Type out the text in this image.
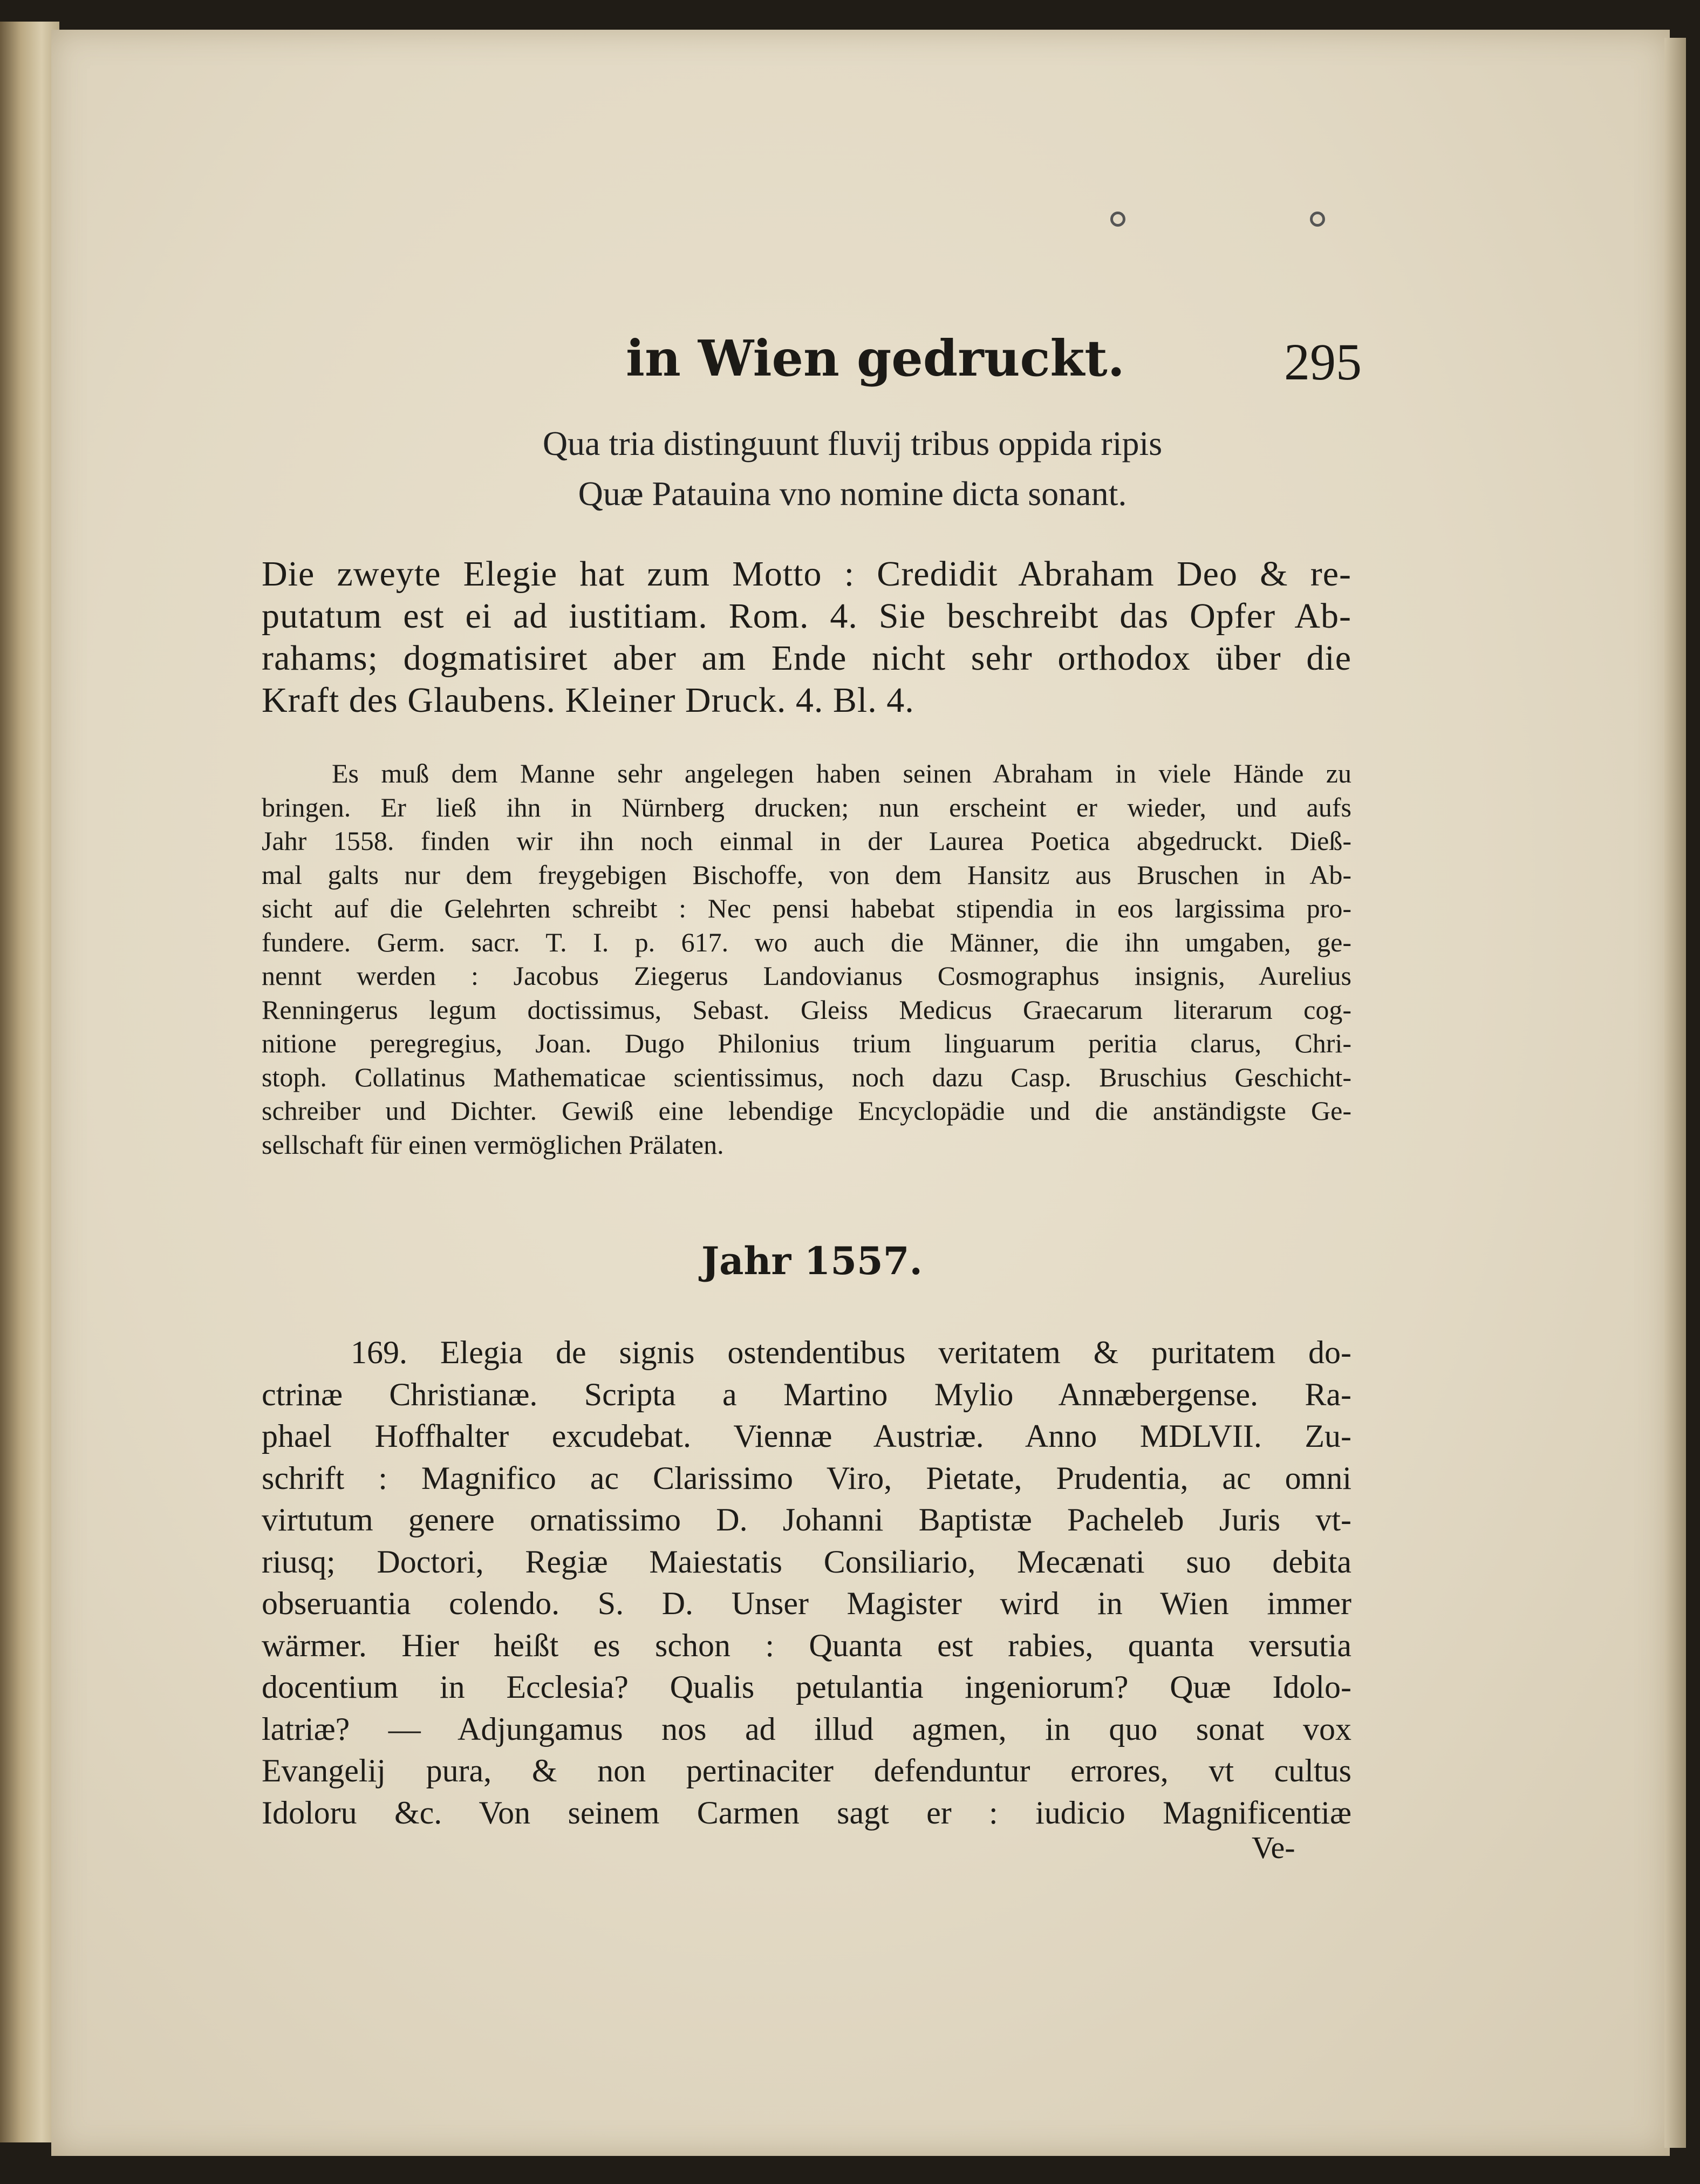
in Wien gedruckt.	295
Qua tria distinguunt fluvij tribus oppida ripis
Quæ Patauina vno nomine dicta sonant.
Die zweyte Elegie hat zum Motto : Credidit Abraham Deo & re-
putatum est ei ad iustitiam. Rom. 4. Sie beschreibt das Opfer Ab-
rahams; dogmatisiret aber am Ende nicht sehr orthodox über die
Kraft des Glaubens. Kleiner Druck. 4. Bl. 4.
Es muß dem Manne sehr angelegen haben seinen Abraham in viele Hände zu
bringen. Er ließ ihn in Nürnberg drucken; nun erscheint er wieder, und aufs
Jahr 1558. finden wir ihn noch einmal in der Laurea Poetica abgedruckt. Dieß-
mal galts nur dem freygebigen Bischoffe, von dem Hansitz aus Bruschen in Ab-
sicht auf die Gelehrten schreibt : Nec pensi habebat stipendia in eos largissima pro-
fundere. Germ. sacr. T. I. p. 617. wo auch die Männer, die ihn umgaben, ge-
nennt werden : Jacobus Ziegerus Landovianus Cosmographus insignis, Aurelius
Renningerus legum doctissimus, Sebast. Gleiss Medicus Graecarum literarum cog-
nitione peregregius, Joan. Dugo Philonius trium linguarum peritia clarus, Chri-
stoph. Collatinus Mathematicae scientissimus, noch dazu Casp. Bruschius Geschicht-
schreiber und Dichter. Gewiß eine lebendige Encyclopädie und die anständigste Ge-
sellschaft für einen vermöglichen Prälaten.
Jahr 1557.
169. Elegia de signis ostendentibus veritatem & puritatem do-
ctrinæ Christianæ. Scripta a Martino Mylio Annæbergense. Ra-
phael Hoffhalter excudebat. Viennæ Austriæ. Anno MDLVII. Zu-
schrift : Magnifico ac Clarissimo Viro, Pietate, Prudentia, ac omni
virtutum genere ornatissimo D. Johanni Baptistæ Pacheleb Juris vt-
riusq; Doctori, Regiæ Maiestatis Consiliario, Mecænati suo debita
obseruantia colendo. S. D. Unser Magister wird in Wien immer
wärmer. Hier heißt es schon : Quanta est rabies, quanta versutia
docentium in Ecclesia? Qualis petulantia ingeniorum? Quæ Idolo-
latriæ? — Adjungamus nos ad illud agmen, in quo sonat vox
Evangelij pura, & non pertinaciter defenduntur errores, vt cultus
Idoloru &c. Von seinem Carmen sagt er : iudicio Magnificentiæ
Ve-
